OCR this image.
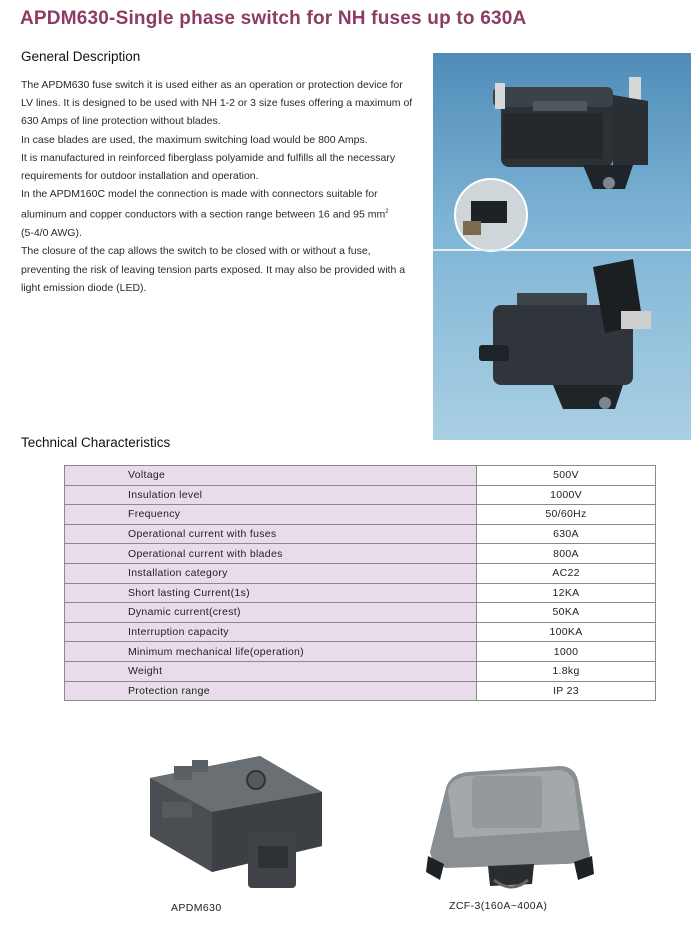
APDM630-Single phase switch for NH fuses up to 630A
General Description

The APDM630 fuse switch it is used either as an operation or protection device for LV lines. It is designed to be used with NH 1-2 or 3 size fuses offering a maximum of 630 Amps of line protection without blades.

In case blades are used, the maximum switching load would be 800 Amps.

It is manufactured in reinforced fiberglass polyamide and fulfills all the necessary requirements for outdoor installation and operation.

In the APDM160C model the connection is made with connectors suitable for aluminum and copper conductors with a section range between 16 and 95 $mm^2$

(5-4/0 AWG).

The closure of the cap allows the switch to be closed with or without a fuse, preventing the risk of leaving tension parts exposed. It may also be provided with a light emission diode (LED).

Technical Characteristics
Voltage	500V
Insulation level	1000V
Frequency	50/60Hz
Operational current with fuses	630A
Operational current with blades	800A
Installation category	AC22
Short lasting Current(1s)	12KA
Dynamic current(crest)	50KA
Interruption capacity	100KA
Minimum mechanical life(operation)	1000
Weight	1.8kg
Protection range	IP 23
APDM630	ZCF-3(160A~400A)
